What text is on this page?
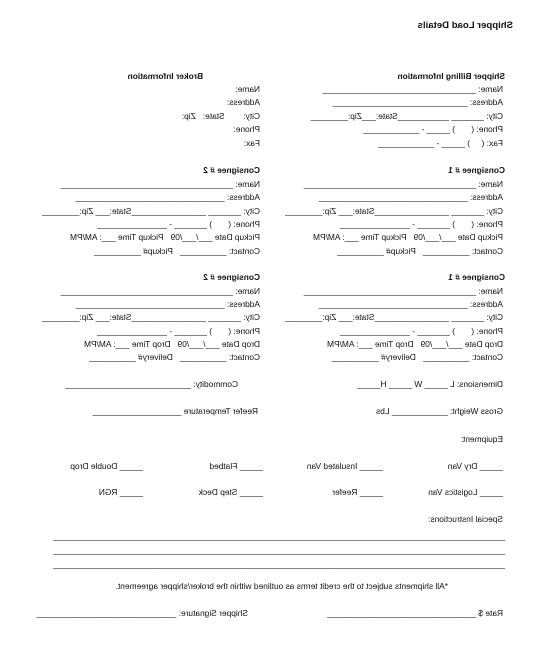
Shipper Load Details
Shipper Billing Information
Name: _________________________________
Address: _____________________________
City: _______ ___________State:___Zip:________
Phone: (       ) _____ - ____________
Fax: (     ) _____ - ____________
Broker Information
Name:
Address:
City:        State:   Zip:
Phone:
Fax:
Consignee # 1
Name: _____________________________________
Address: ________________________________
City: _______ ________________State:___ Zip:________
Phone: (       ) _______ - _______________
Pickup Date ___/___/09   Pickup Time ___: AM/PM
Contact: __________   Pickup# __________
Consignee # 2
Name: _____________________________________
Address: ________________________________
City: _______ ________________State:___ Zip:________
Phone: (       ) _______ - _______________
Pickup Date ___/___/09   Pickup Time ___: AM/PM
Contact: __________   Pickup# __________
Consignee # 1
Name: _____________________________________
Address: ________________________________
City: _______ ________________State:___ Zip:________
Phone: (       ) _______ - _______________
Drop Date ___/___/09   Drop Time ___: AM/PM
Contact: __________   Delivery# __________
Consignee # 2
Name: _____________________________________
Address: ________________________________
City: _______ ________________State:___ Zip:________
Phone: (       ) _______ - _______________
Drop Date ___/___/09   Drop Time ___: AM/PM
Contact: __________   Delivery# __________
Dimensions: L _____ W _____ H_____
Commodity: ___________________________
Gross Weight: ____________ Lbs
Reefer Temperature ___________________
Equipment:
_____ Dry Van
_____ Insulated Van
_____ Flatbed
_____ Double Drop
_____ Logistics Van
_____ Reefer
_____ Step Deck
_____ RGN
Special Instructions:
_________________________________________________________________________________________________
_________________________________________________________________________________________________
_________________________________________________________________________________________________
*All shipments subject to the credit terms as outlined within the broker/shipper agreement.
Rate $ ________________________________
Shipper Signature: ______________________________
